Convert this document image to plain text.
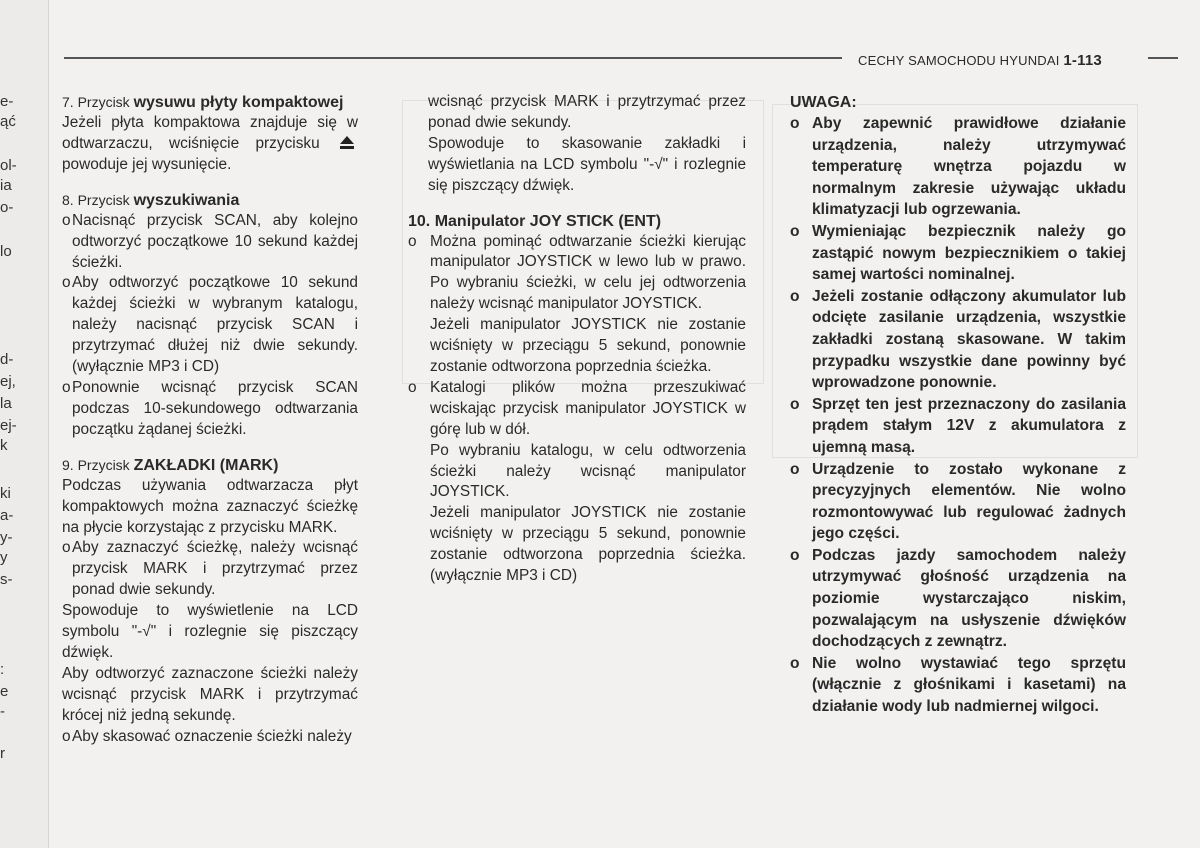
e-
ąć
ol-
ia
o-
lo
d-
ej,
la
ej-
k
ki
a-
y-
y
s-
:
e
-
r
CECHY SAMOCHODU HYUNDAI 1-113
7. Przycisk wysuwu płyty kompaktowej

Jeżeli płyta kompaktowa znajduje się w odtwarzaczu, wciśnięcie przycisku  powoduje jej wysunięcie.

8. Przycisk wyszukiwania
o Nacisnąć przycisk SCAN, aby kolejno odtworzyć początkowe 10 sekund każdej ścieżki.
o Aby odtworzyć początkowe 10 sekund każdej ścieżki w wybranym katalogu, należy nacisnąć przycisk SCAN i przytrzymać dłużej niż dwie sekundy. (wyłącznie MP3 i CD)
o Ponownie wcisnąć przycisk SCAN podczas 10-sekundowego odtwarzania początku żądanej ścieżki.
9. Przycisk ZAKŁADKI (MARK)

Podczas używania odtwarzacza płyt kompaktowych można zaznaczyć ścieżkę na płycie korzystając z przycisku MARK.

o Aby zaznaczyć ścieżkę, należy wcisnąć przycisk MARK i przytrzymać przez ponad dwie sekundy.

Spowoduje to wyświetlenie na LCD symbolu "-√" i rozlegnie się piszczący dźwięk.

Aby odtworzyć zaznaczone ścieżki należy wcisnąć przycisk MARK i przytrzymać krócej niż jedną sekundę.

o Aby skasować oznaczenie ścieżki należy

wcisnąć przycisk MARK i przytrzymać przez ponad dwie sekundy.

Spowoduje to skasowanie zakładki i wyświetlania na LCD symbolu "-√" i rozlegnie się piszczący dźwięk.

10. Manipulator JOY STICK (ENT)
o Można pominąć odtwarzanie ścieżki kierując manipulator JOYSTICK w lewo lub w prawo. Po wybraniu ścieżki, w celu jej odtworzenia należy wcisnąć manipulator JOYSTICK.

Jeżeli manipulator JOYSTICK nie zostanie wciśnięty w przeciągu 5 sekund, ponownie zostanie odtworzona poprzednia ścieżka.

o Katalogi plików można przeszukiwać wciskając przycisk manipulator JOYSTICK w górę lub w dół.

Po wybraniu katalogu, w celu odtworzenia ścieżki należy wcisnąć manipulator JOYSTICK.

Jeżeli manipulator JOYSTICK nie zostanie wciśnięty w przeciągu 5 sekund, ponownie zostanie odtworzona poprzednia ścieżka. (wyłącznie MP3 i CD)

UWAGA:
o Aby zapewnić prawidłowe działanie urządzenia, należy utrzymywać temperaturę wnętrza pojazdu w normalnym zakresie używając układu klimatyzacji lub ogrzewania.
o Wymieniając bezpiecznik należy go zastąpić nowym bezpiecznikiem o takiej samej wartości nominalnej.
o Jeżeli zostanie odłączony akumulator lub odcięte zasilanie urządzenia, wszystkie zakładki zostaną skasowane. W takim przypadku wszystkie dane powinny być wprowadzone ponownie.
o Sprzęt ten jest przeznaczony do zasilania prądem stałym 12V z akumulatora z ujemną masą.
o Urządzenie to zostało wykonane z precyzyjnych elementów. Nie wolno rozmontowywać lub regulować żadnych jego części.
o Podczas jazdy samochodem należy utrzymywać głośność urządzenia na poziomie wystarczająco niskim, pozwalającym na usłyszenie dźwięków dochodzących z zewnątrz.
o Nie wolno wystawiać tego sprzętu (włącznie z głośnikami i kasetami) na działanie wody lub nadmiernej wilgoci.
